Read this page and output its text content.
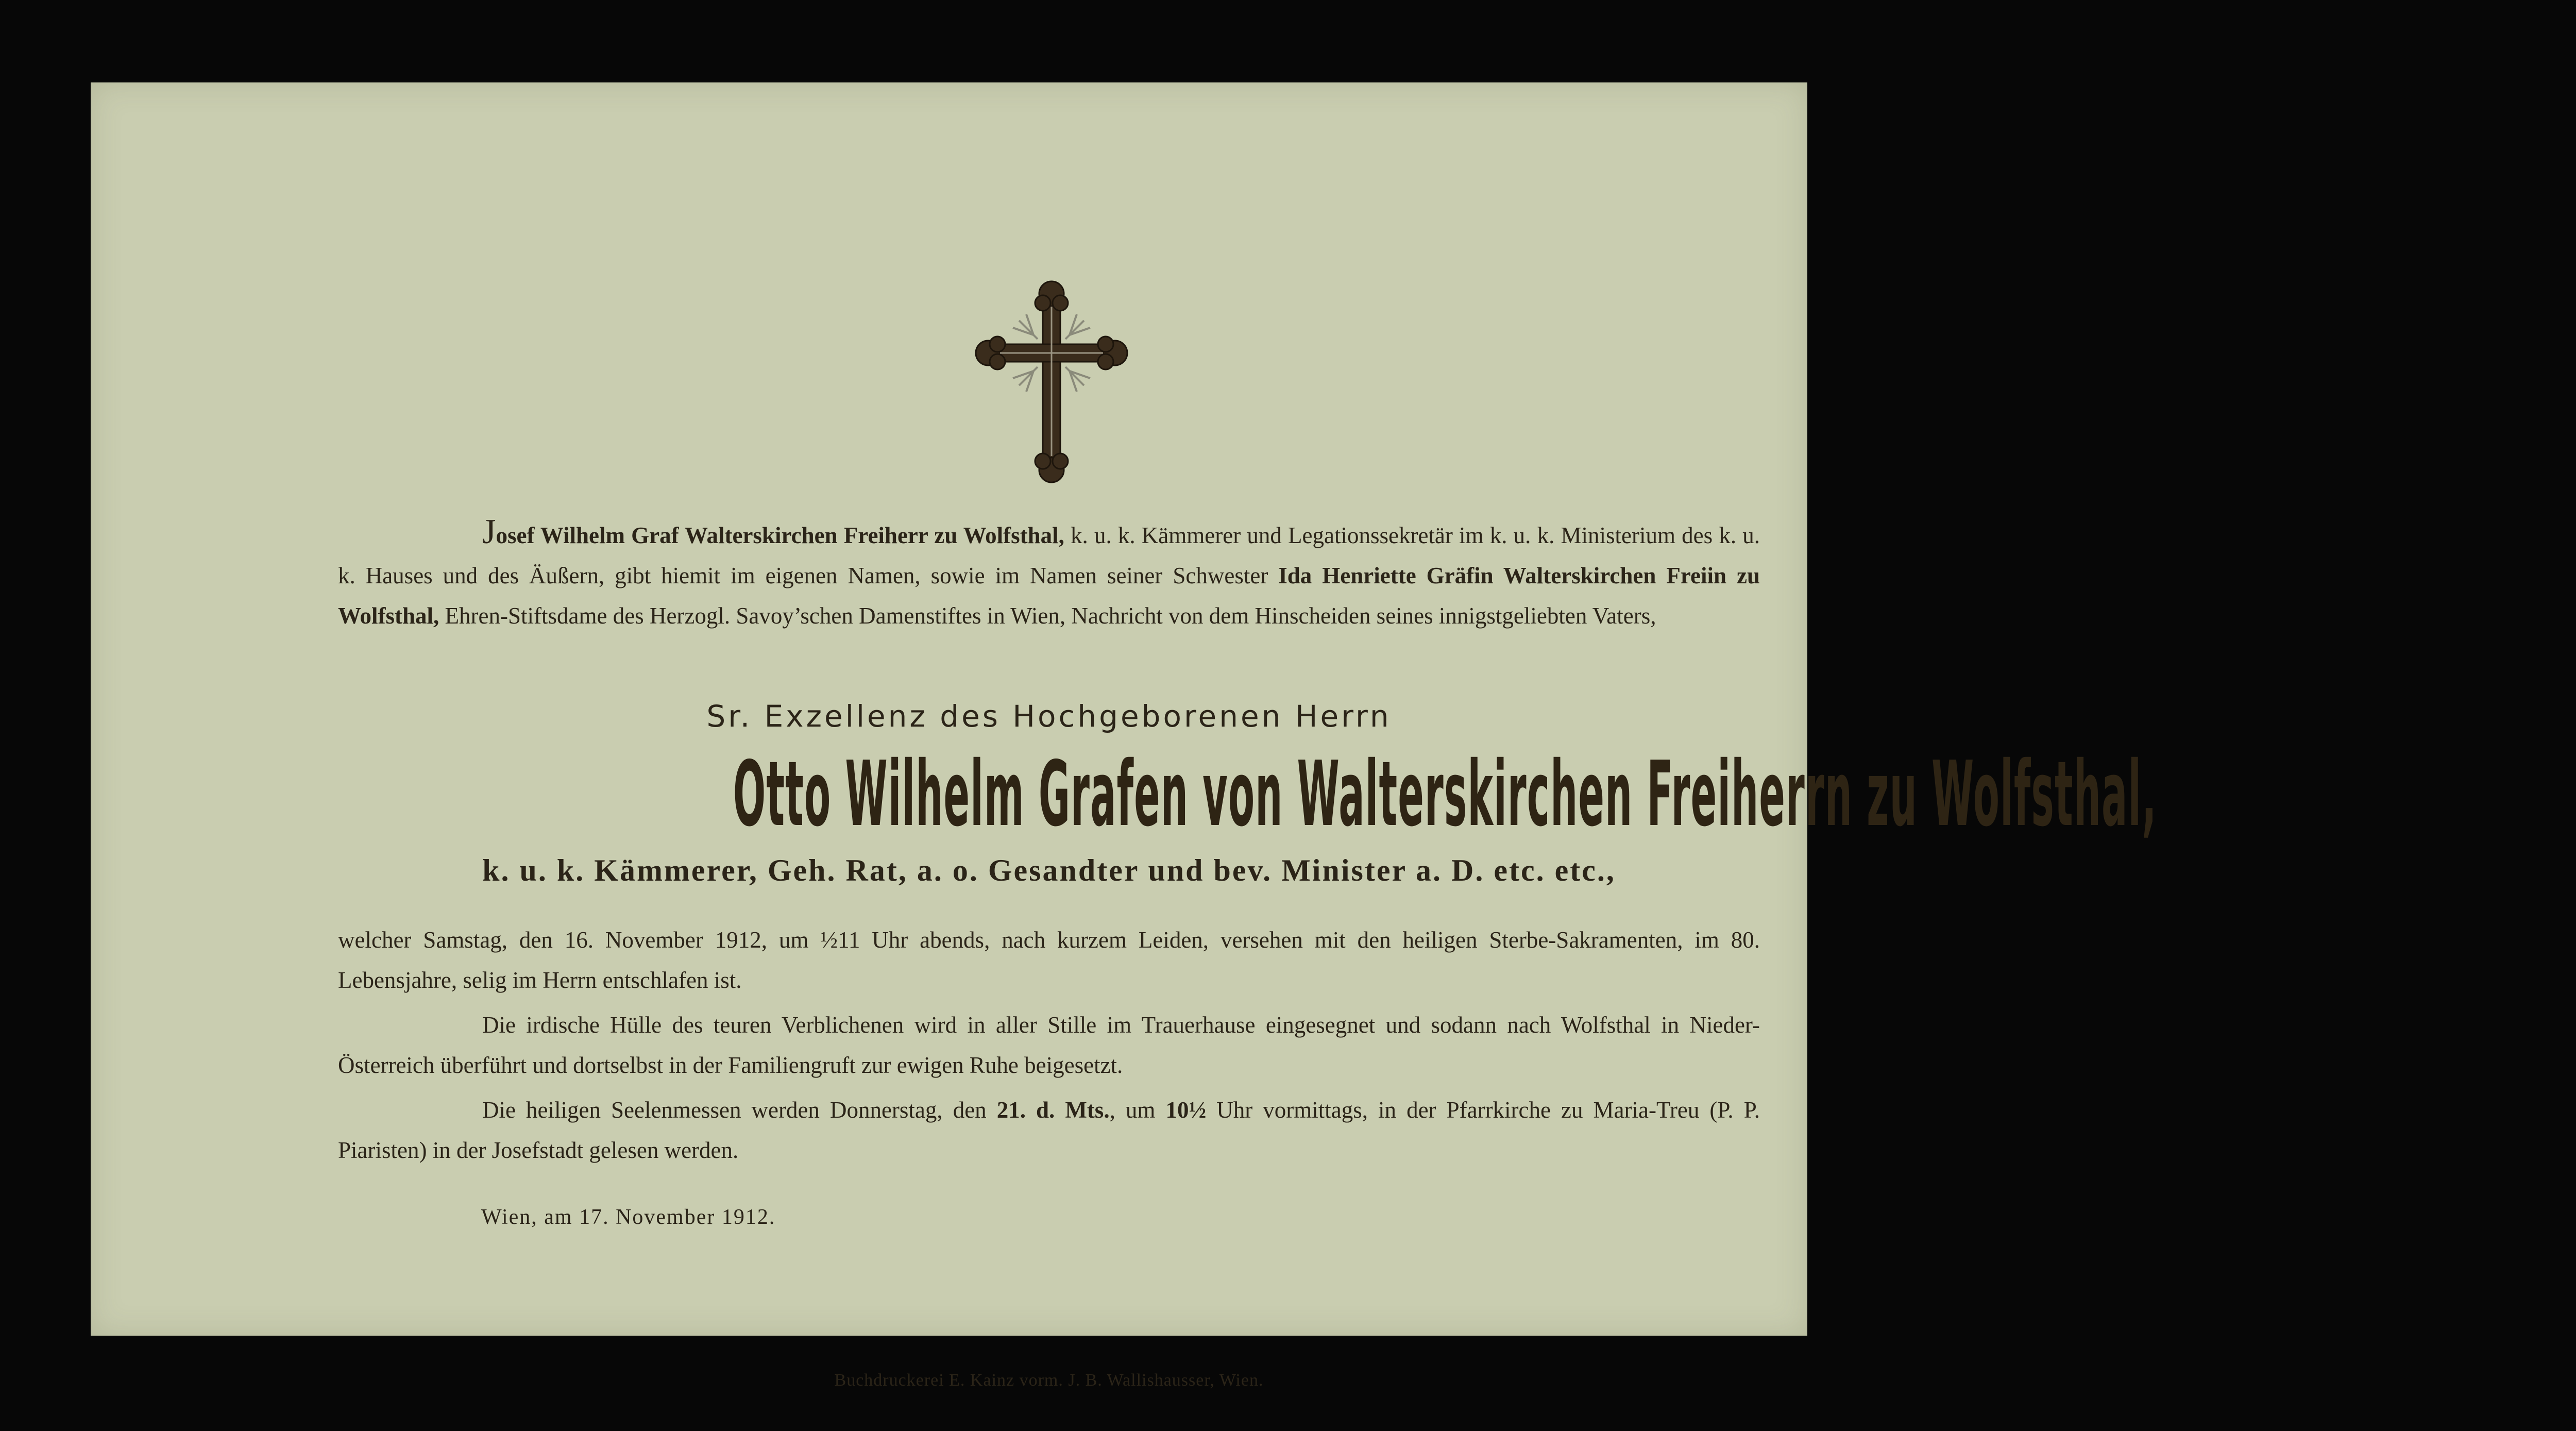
Josef Wilhelm Graf Walterskirchen Freiherr zu Wolfsthal, k. u. k. Kämmerer und Legationssekretär im k. u. k. Ministerium des k. u. k. Hauses und des Äußern, gibt hiemit im eigenen Namen, sowie im Namen seiner Schwester Ida Henriette Gräfin Walterskirchen Freiin zu Wolfsthal, Ehren-Stiftsdame des Herzogl. Savoy’schen Damenstiftes in Wien, Nachricht von dem Hinscheiden seines innigstgeliebten Vaters,
Sr. Exzellenz des Hochgeborenen Herrn
Otto Wilhelm Grafen von Walterskirchen Freiherrn zu Wolfsthal,
k. u. k. Kämmerer, Geh. Rat, a. o. Gesandter und bev. Minister a. D. etc. etc.,
welcher Samstag, den 16. November 1912, um ½11 Uhr abends, nach kurzem Leiden, versehen mit den heiligen Sterbe-Sakramenten, im 80. Lebensjahre, selig im Herrn entschlafen ist.
Die irdische Hülle des teuren Verblichenen wird in aller Stille im Trauerhause eingesegnet und sodann nach Wolfsthal in Nieder-Österreich überführt und dortselbst in der Familiengruft zur ewigen Ruhe beigesetzt.
Die heiligen Seelenmessen werden Donnerstag, den 21. d. Mts., um 10½ Uhr vormittags, in der Pfarrkirche zu Maria-Treu (P. P. Piaristen) in der Josefstadt gelesen werden.
Wien, am 17. November 1912.
Buchdruckerei E. Kainz vorm. J. B. Wallishausser, Wien.
